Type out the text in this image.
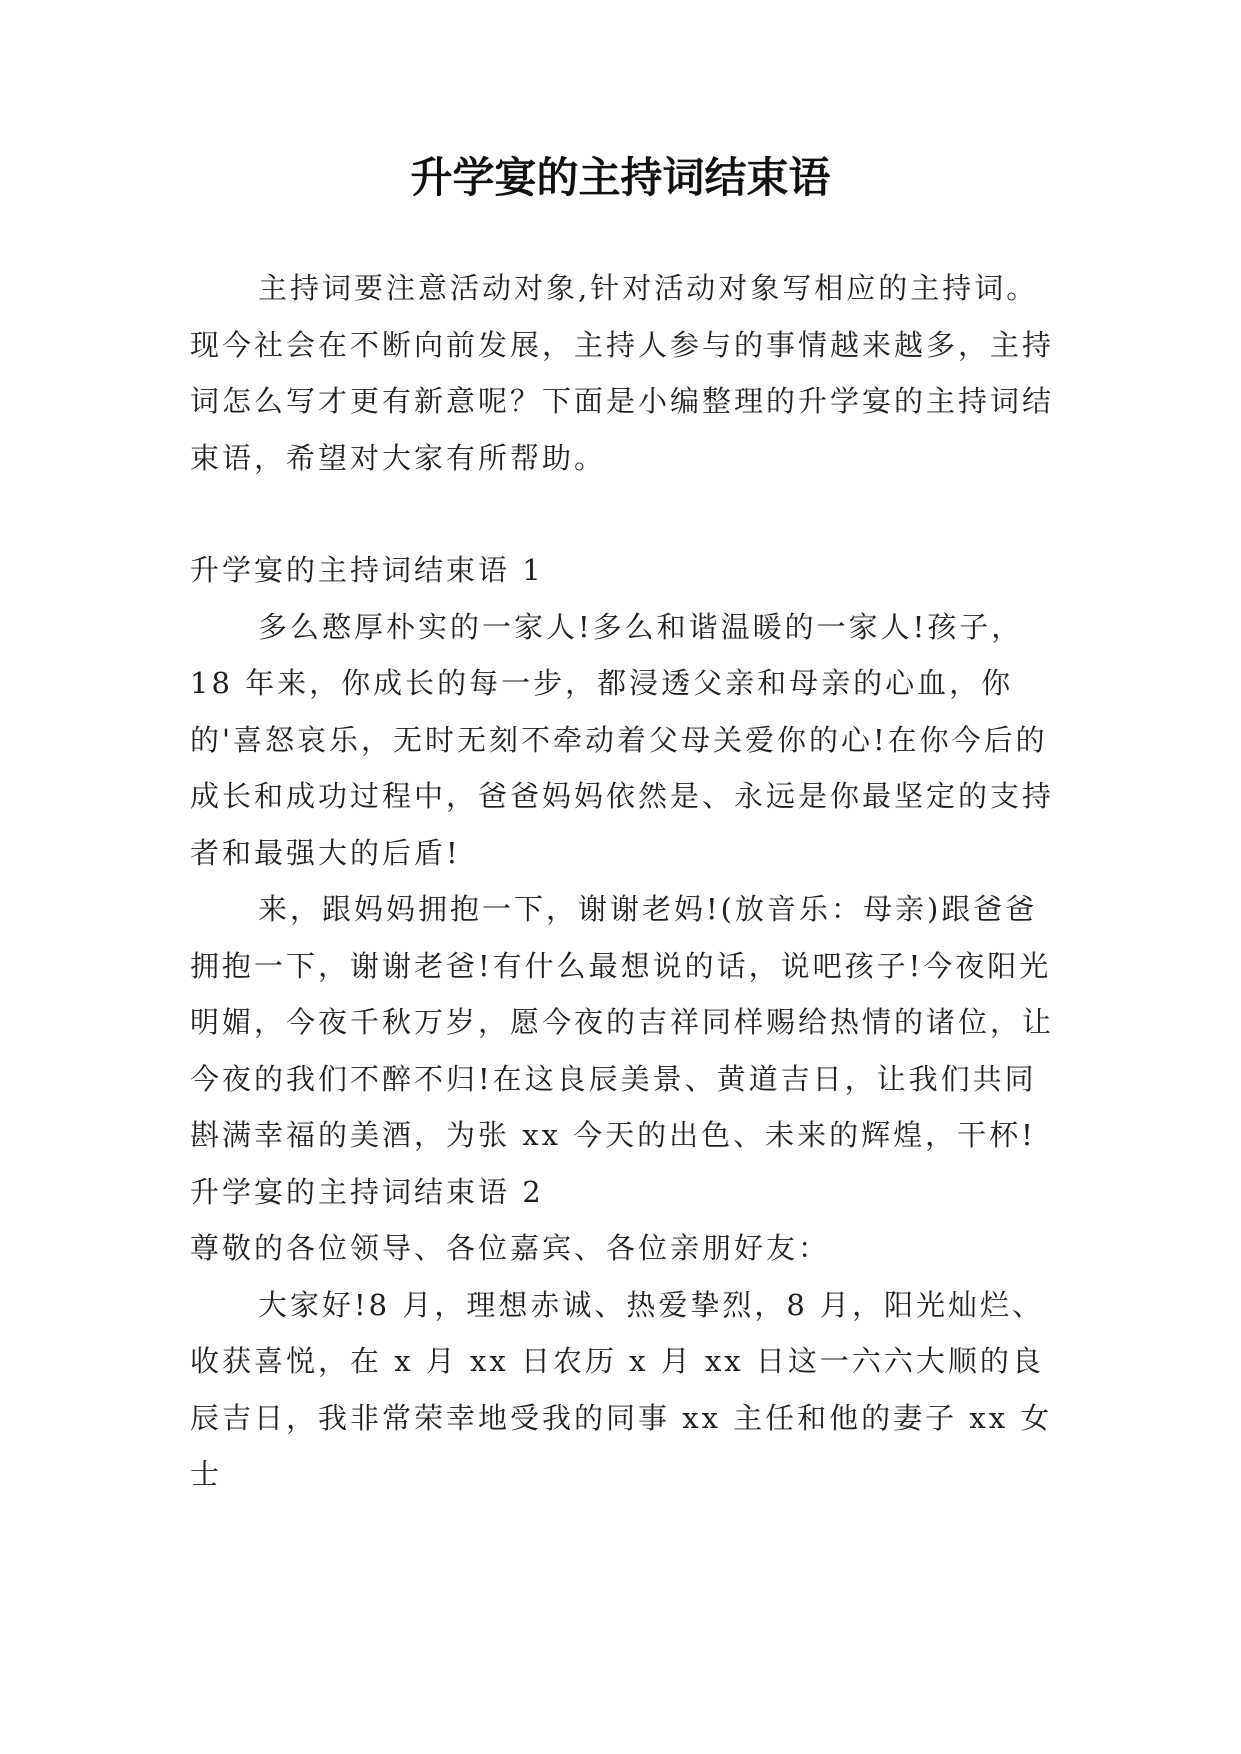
升学宴的主持词结束语

主持词要注意活动对象,针对活动对象写相应的主持词。现今社会在不断向前发展，主持人参与的事情越来越多，主持词怎么写才更有新意呢？下面是小编整理的升学宴的主持词结束语，希望对大家有所帮助。

升学宴的主持词结束语 1

多么憨厚朴实的一家人!多么和谐温暖的一家人!孩子，18 年来，你成长的每一步，都浸透父亲和母亲的心血，你的'喜怒哀乐，无时无刻不牵动着父母关爱你的心!在你今后的成长和成功过程中，爸爸妈妈依然是、永远是你最坚定的支持者和最强大的后盾!

来，跟妈妈拥抱一下，谢谢老妈!(放音乐：母亲)跟爸爸拥抱一下，谢谢老爸!有什么最想说的话，说吧孩子!今夜阳光明媚，今夜千秋万岁，愿今夜的吉祥同样赐给热情的诸位，让今夜的我们不醉不归!在这良辰美景、黄道吉日，让我们共同斟满幸福的美酒，为张 xx 今天的出色、未来的辉煌，干杯!

升学宴的主持词结束语 2

尊敬的各位领导、各位嘉宾、各位亲朋好友：

大家好!8 月，理想赤诚、热爱挚烈，8 月，阳光灿烂、收获喜悦，在 x 月 xx 日农历 x 月 xx 日这一六六大顺的良辰吉日，我非常荣幸地受我的同事 xx 主任和他的妻子 xx 女士
